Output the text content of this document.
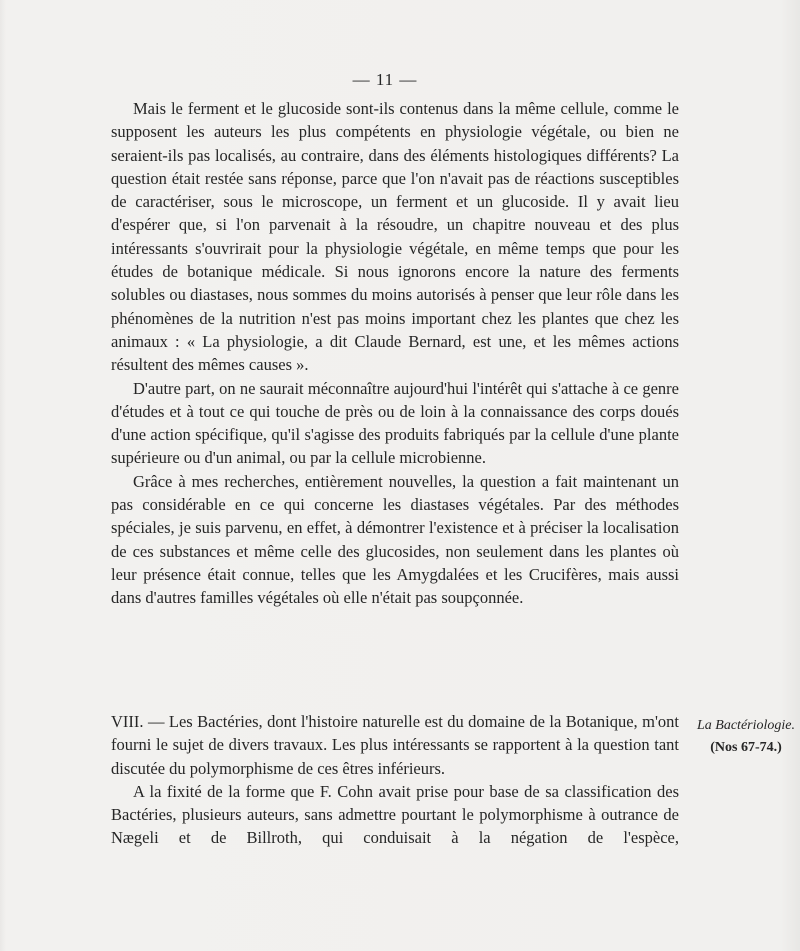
— 11 —

Mais le ferment et le glucoside sont-ils contenus dans la même cellule, comme le supposent les auteurs les plus compétents en physiologie végétale, ou bien ne seraient-ils pas localisés, au contraire, dans des éléments histologiques différents? La question était restée sans réponse, parce que l'on n'avait pas de réactions susceptibles de caractériser, sous le microscope, un ferment et un glucoside. Il y avait lieu d'espérer que, si l'on parvenait à la résoudre, un chapitre nouveau et des plus intéressants s'ouvrirait pour la physiologie végétale, en même temps que pour les études de botanique médicale. Si nous ignorons encore la nature des ferments solubles ou diastases, nous sommes du moins autorisés à penser que leur rôle dans les phénomènes de la nutrition n'est pas moins important chez les plantes que chez les animaux : « La physiologie, a dit Claude Bernard, est une, et les mêmes actions résultent des mêmes causes ».

D'autre part, on ne saurait méconnaître aujourd'hui l'intérêt qui s'attache à ce genre d'études et à tout ce qui touche de près ou de loin à la connaissance des corps doués d'une action spécifique, qu'il s'agisse des produits fabriqués par la cellule d'une plante supérieure ou d'un animal, ou par la cellule microbienne.

Grâce à mes recherches, entièrement nouvelles, la question a fait maintenant un pas considérable en ce qui concerne les diastases végétales. Par des méthodes spéciales, je suis parvenu, en effet, à démontrer l'existence et à préciser la localisation de ces substances et même celle des glucosides, non seulement dans les plantes où leur présence était connue, telles que les Amygdalées et les Crucifères, mais aussi dans d'autres familles végétales où elle n'était pas soupçonnée.

VIII. — Les Bactéries, dont l'histoire naturelle est du domaine de la Botanique, m'ont fourni le sujet de divers travaux. Les plus intéressants se rapportent à la question tant discutée du polymorphisme de ces êtres inférieurs.

A la fixité de la forme que F. Cohn avait prise pour base de sa classification des Bactéries, plusieurs auteurs, sans admettre pourtant le polymorphisme à outrance de Nægeli et de Billroth, qui conduisait à la négation de l'espèce,

La Bactériologie.
(Nos 67-74.)
